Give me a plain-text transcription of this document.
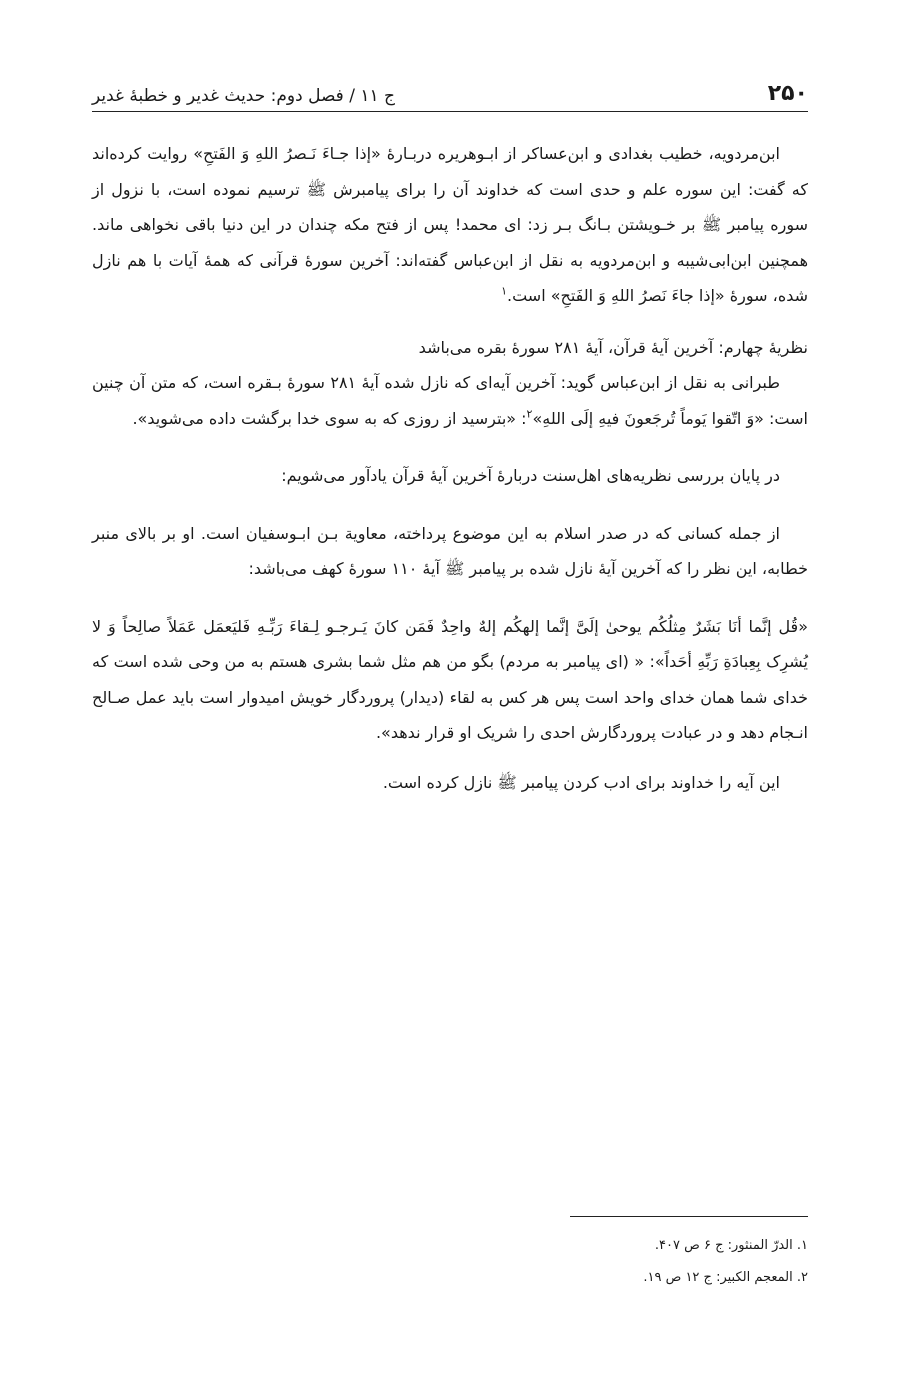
۲۵۰
ج ۱۱ / فصل دوم: حدیث غدیر و خطبهٔ غدیر

ابن‌مردویه، خطیب بغدادی و ابن‌عساکر از ابـوهریره دربـارهٔ «إذا جـاءَ نَـصرُ اللهِ وَ الفَتحِ» روایت کرده‌اند که گفت: این سوره علم و حدی است که خداوند آن را برای پیامبرش ﷺ ترسیم نموده است، با نزول از سوره پیامبر ﷺ بر خـویشتن بـانگ بـر زد: ای محمد! پس از فتح مکه چندان در این دنیا باقی نخواهی ماند. همچنین ابن‌ابی‌شیبه و ابن‌مردویه به نقل از ابن‌عباس گفته‌اند: آخرین سورهٔ قرآنی که همهٔ آیات با هم نازل شده، سورهٔ «إذا جاءَ نَصرُ اللهِ وَ الفَتحِ» است.$^۱$

نظریهٔ چهارم: آخرین آیهٔ قرآن، آیهٔ ۲۸۱ سورهٔ بقره می‌باشد

طبرانی به نقل از ابن‌عباس گوید: آخرین آیه‌ای که نازل شده آیهٔ ۲۸۱ سورهٔ بـقره است، که متن آن چنین است: «وَ اتّقوا یَوماً تُرجَعونَ فیهِ إلَی اللهِ»$^۲$: «بترسید از روزی که به سوی خدا برگشت داده می‌شوید».

در پایان بررسی نظریه‌های اهل‌سنت دربارهٔ آخرین آیهٔ قرآن یادآور می‌شویم:

از جمله کسانی که در صدر اسلام به این موضوع پرداخته، معاویة بـن ابـوسفیان است. او بر بالای منبر خطابه، این نظر را که آخرین آیهٔ نازل شده بر پیامبر ﷺ آیهٔ ۱۱۰ سورهٔ کهف می‌باشد:

«قُل إنَّما أنَا بَشَرٌ مِثلُکُم یوحیٰ إلَیَّ إنَّما إلهکُم إلهٌ واحِدٌ فَمَن کانَ یَـرجـو لِـقاءَ رَبِّـهِ فَلیَعمَل عَمَلاً صالِحاً وَ لا یُشرِک بِعِبادَةِ رَبِّهِ أحَداً»: « (ای پیامبر به مردم) بگو من هم مثل شما بشری هستم به من وحی شده است که خدای شما همان خدای واحد است پس هر کس به لقاء (دیدار) پروردگار خویش امیدوار است باید عمل صـالح انـجام دهد و در عبادت پروردگارش احدی را شریک او قرار ندهد».

این آیه را خداوند برای ادب کردن پیامبر ﷺ نازل کرده است.

۱. الدرّ المنثور: ج ۶ ص ۴۰۷.
۲. المعجم الکبیر: ج ۱۲ ص ۱۹.
